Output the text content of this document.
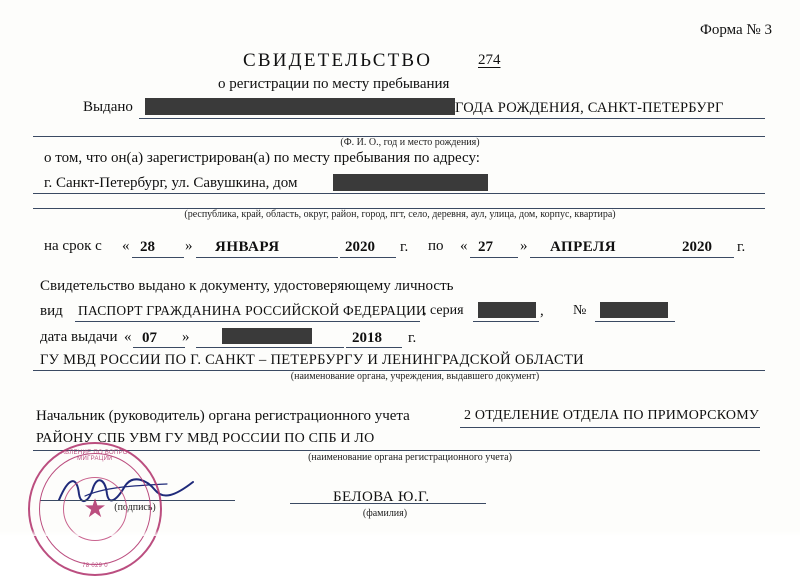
Форма № 3
СВИДЕТЕЛЬСТВО	274
о регистрации по месту пребывания
Выдано	ГОДА РОЖДЕНИЯ, САНКТ-ПЕТЕРБУРГ
(Ф. И. О., год и место рождения)
о том, что он(а) зарегистрирован(а) по месту пребывания по адресу:
г. Санкт-Петербург, ул. Савушкина, дом
(республика, край, область, округ, район, город, пгт, село, деревня, аул, улица, дом, корпус, квартира)
на срок с « 28 » ЯНВАРЯ	2020 г. по « 27 » АПРЕЛЯ	2020 г.
Свидетельство выдано к документу, удостоверяющему личность
вид ПАСПОРТ ГРАЖДАНИНА РОССИЙСКОЙ ФЕДЕРАЦИИ
, серия	, №
дата выдачи « 07 »	2018 г.
ГУ МВД РОССИИ ПО Г. САНКТ – ПЕТЕРБУРГУ И ЛЕНИНГРАДСКОЙ ОБЛАСТИ
(наименование органа, учреждения, выдавшего документ)
Начальник (руководитель) органа регистрационного учета	2 ОТДЕЛЕНИЕ ОТДЕЛА ПО ПРИМОРСКОМУ
РАЙОНУ СПБ УВМ ГУ МВД РОССИИ ПО СПБ И ЛО
(наименование органа регистрационного учета)
(подпись)
БЕЛОВА Ю.Г.
(фамилия)
УПРАВЛЕНИЕ ПО ВОПРОСАМ МИГРАЦИИ
★
78 029 0
